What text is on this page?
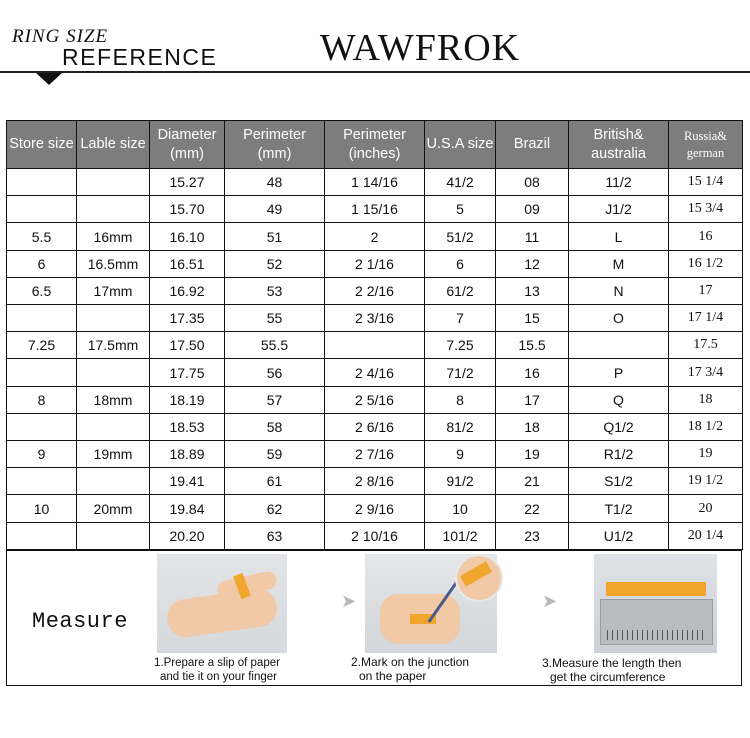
RING SIZE
REFERENCE	WAWFROK
Store size	Lable size	Diameter (mm)	Perimeter (mm)	Perimeter (inches)	U.S.A size	Brazil	British& australia	Russia& german
		15.27	48	1 14/16	41/2	08	11/2	15 1/4
		15.70	49	1 15/16	5	09	J1/2	15 3/4
5.5	16mm	16.10	51	2	51/2	11	L	16
6	16.5mm	16.51	52	2 1/16	6	12	M	16 1/2
6.5	17mm	16.92	53	2 2/16	61/2	13	N	17
		17.35	55	2 3/16	7	15	O	17 1/4
7.25	17.5mm	17.50	55.5		7.25	15.5		17.5
		17.75	56	2 4/16	71/2	16	P	17 3/4
8	18mm	18.19	57	2 5/16	8	17	Q	18
		18.53	58	2 6/16	81/2	18	Q1/2	18 1/2
9	19mm	18.89	59	2 7/16	9	19	R1/2	19
		19.41	61	2 8/16	91/2	21	S1/2	19 1/2
10	20mm	19.84	62	2 9/16	10	22	T1/2	20
		20.20	63	2 10/16	101/2	23	U1/2	20 1/4
Measure
➤	➤
1.Prepare a slip of paper
and tie it on your finger
2.Mark on the junction
on the paper
3.Measure the length then
get the circumference
